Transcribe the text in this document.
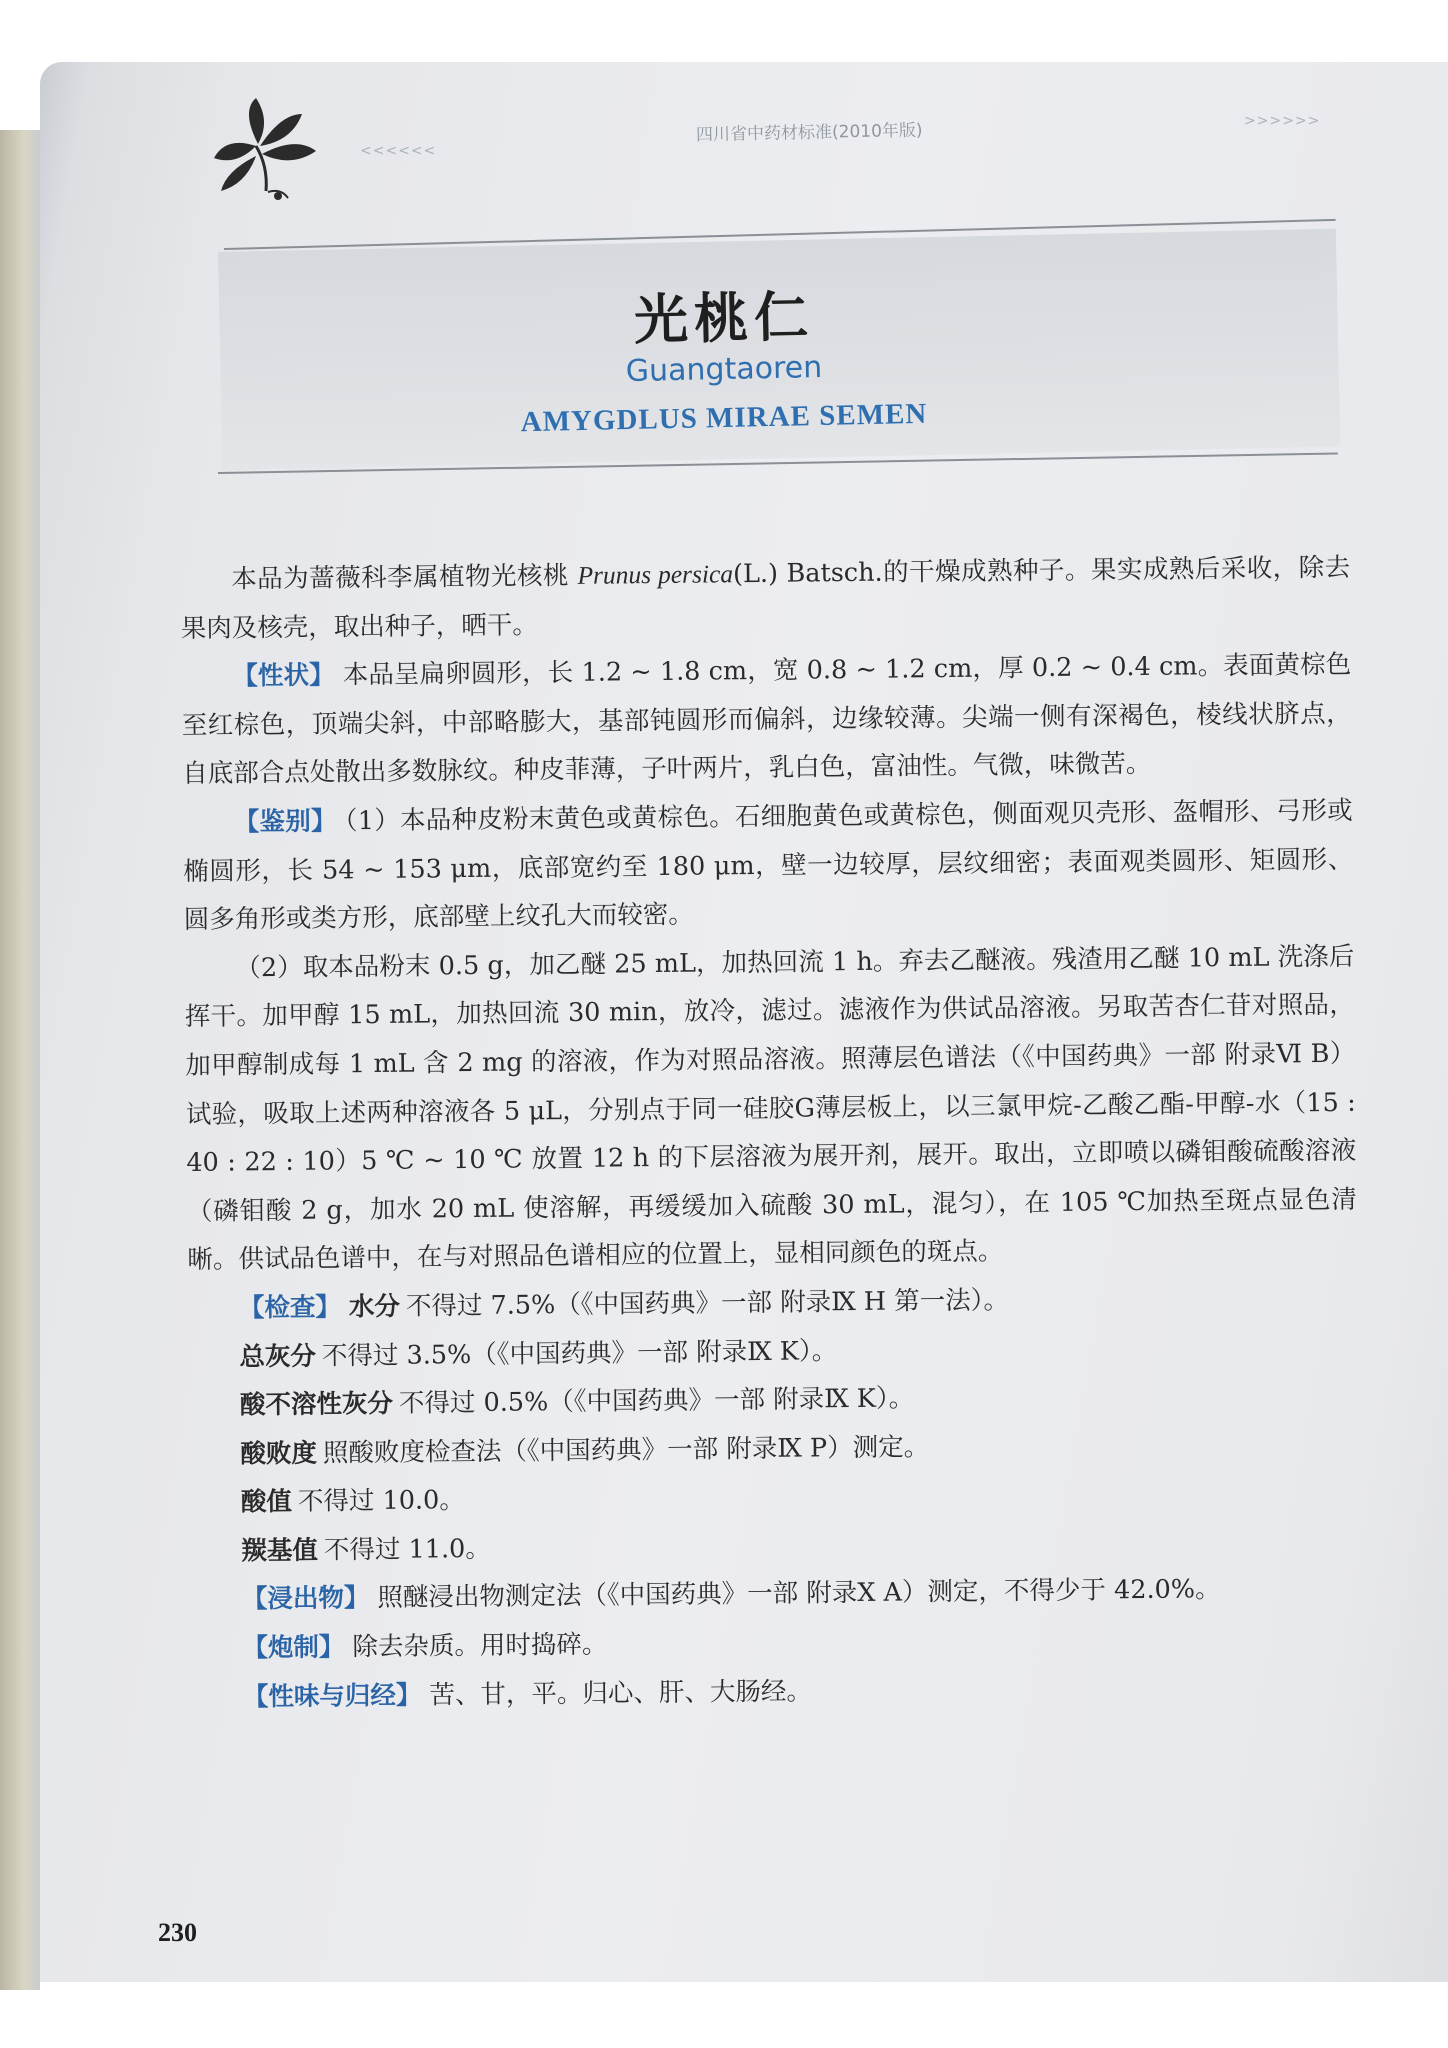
<<<<<<
四川省中药材标准(2010年版)	>>>>>>
光桃仁
Guangtaoren
AMYGDLUS MIRAE SEMEN

本品为蔷薇科李属植物光核桃 Prunus persica(L.) Batsch.的干燥成熟种子。果实成熟后采收，除去果肉及核壳，取出种子，晒干。

【性状】 本品呈扁卵圆形，长 1.2 ~ 1.8 cm，宽 0.8 ~ 1.2 cm，厚 0.2 ~ 0.4 cm。表面黄棕色至红棕色，顶端尖斜，中部略膨大，基部钝圆形而偏斜，边缘较薄。尖端一侧有深褐色，棱线状脐点，自底部合点处散出多数脉纹。种皮菲薄，子叶两片，乳白色，富油性。气微，味微苦。

【鉴别】 （1）本品种皮粉末黄色或黄棕色。石细胞黄色或黄棕色，侧面观贝壳形、盔帽形、弓形或椭圆形，长 54 ~ 153 μm，底部宽约至 180 μm，壁一边较厚，层纹细密；表面观类圆形、矩圆形、圆多角形或类方形，底部壁上纹孔大而较密。

（2）取本品粉末 0.5 g，加乙醚 25 mL，加热回流 1 h。弃去乙醚液。残渣用乙醚 10 mL 洗涤后挥干。加甲醇 15 mL，加热回流 30 min，放冷，滤过。滤液作为供试品溶液。另取苦杏仁苷对照品，加甲醇制成每 1 mL 含 2 mg 的溶液，作为对照品溶液。照薄层色谱法（《中国药典》一部 附录Ⅵ B）试验，吸取上述两种溶液各 5 μL，分别点于同一硅胶G薄层板上，以三氯甲烷-乙酸乙酯-甲醇-水（15 : 40 : 22 : 10）5 ℃ ~ 10 ℃ 放置 12 h 的下层溶液为展开剂，展开。取出，立即喷以磷钼酸硫酸溶液（磷钼酸 2 g，加水 20 mL 使溶解，再缓缓加入硫酸 30 mL，混匀），在 105 ℃加热至斑点显色清晰。供试品色谱中，在与对照品色谱相应的位置上，显相同颜色的斑点。

【检查】 水分 不得过 7.5%（《中国药典》一部 附录Ⅸ H 第一法）。

总灰分 不得过 3.5%（《中国药典》一部 附录Ⅸ K）。

酸不溶性灰分 不得过 0.5%（《中国药典》一部 附录Ⅸ K）。

酸败度 照酸败度检查法（《中国药典》一部 附录Ⅸ P）测定。

酸值 不得过 10.0。

羰基值 不得过 11.0。

【浸出物】 照醚浸出物测定法（《中国药典》一部 附录Ⅹ A）测定，不得少于 42.0%。

【炮制】 除去杂质。用时捣碎。

【性味与归经】 苦、甘，平。归心、肝、大肠经。

230
